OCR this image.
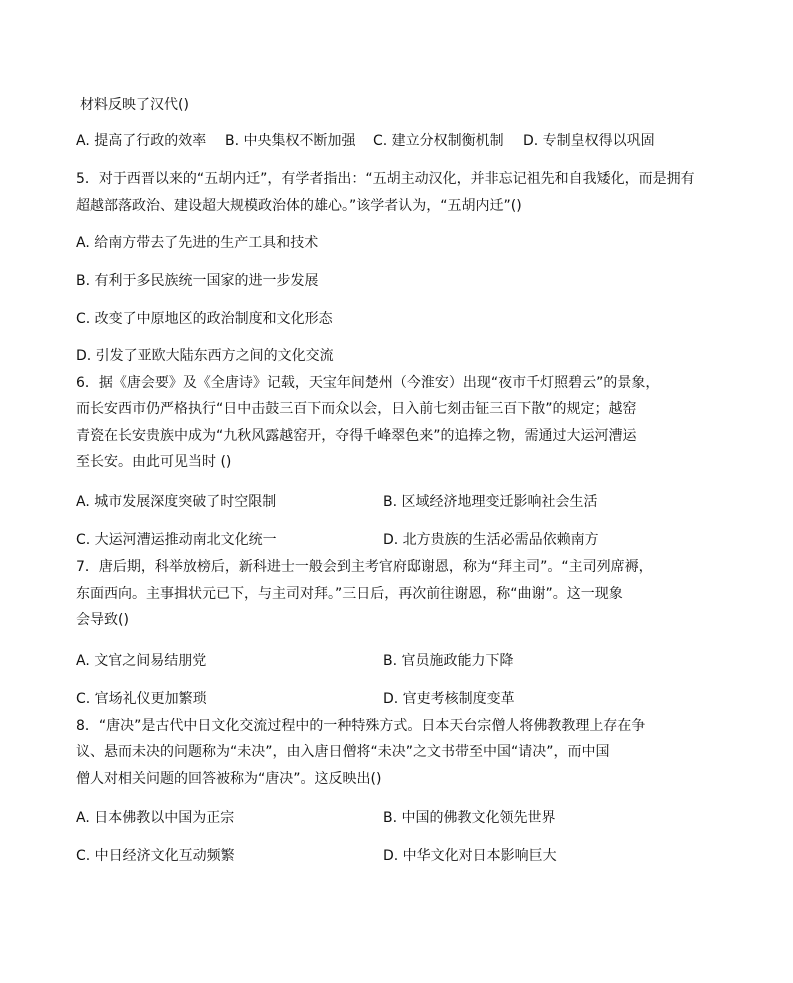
材料反映了汉代()
A. 提高了行政的效率 B. 中央集权不断加强 C. 建立分权制衡机制 D. 专制皇权得以巩固
5．对于西晋以来的“五胡内迁”，有学者指出：“五胡主动汉化，并非忘记祖先和自我矮化，而是拥有
超越部落政治、建设超大规模政治体的雄心。”该学者认为，“五胡内迁”()
A. 给南方带去了先进的生产工具和技术
B. 有利于多民族统一国家的进一步发展
C. 改变了中原地区的政治制度和文化形态
D. 引发了亚欧大陆东西方之间的文化交流
6．据《唐会要》及《全唐诗》记载，天宝年间楚州（今淮安）出现“夜市千灯照碧云”的景象，
而长安西市仍严格执行“日中击鼓三百下而众以会，日入前七刻击钲三百下散”的规定；越窑
青瓷在长安贵族中成为“九秋风露越窑开，夺得千峰翠色来”的追捧之物，需通过大运河漕运
至长安。由此可见当时 ()
A. 城市发展深度突破了时空限制	B. 区域经济地理变迁影响社会生活
C. 大运河漕运推动南北文化统一	D. 北方贵族的生活必需品依赖南方
7．唐后期，科举放榜后，新科进士一般会到主考官府邸谢恩，称为“拜主司”。“主司列席褥，
东面西向。主事揖状元已下，与主司对拜。”三日后，再次前往谢恩，称“曲谢”。这一现象
会导致()
A. 文官之间易结朋党	B. 官员施政能力下降
C. 官场礼仪更加繁琐	D. 官吏考核制度变革
8．“唐决”是古代中日文化交流过程中的一种特殊方式。日本天台宗僧人将佛教教理上存在争
议、悬而未决的问题称为“未决”，由入唐日僧将“未决”之文书带至中国“请决”，而中国
僧人对相关问题的回答被称为“唐决”。这反映出()
A. 日本佛教以中国为正宗	B. 中国的佛教文化领先世界
C. 中日经济文化互动频繁	D. 中华文化对日本影响巨大
